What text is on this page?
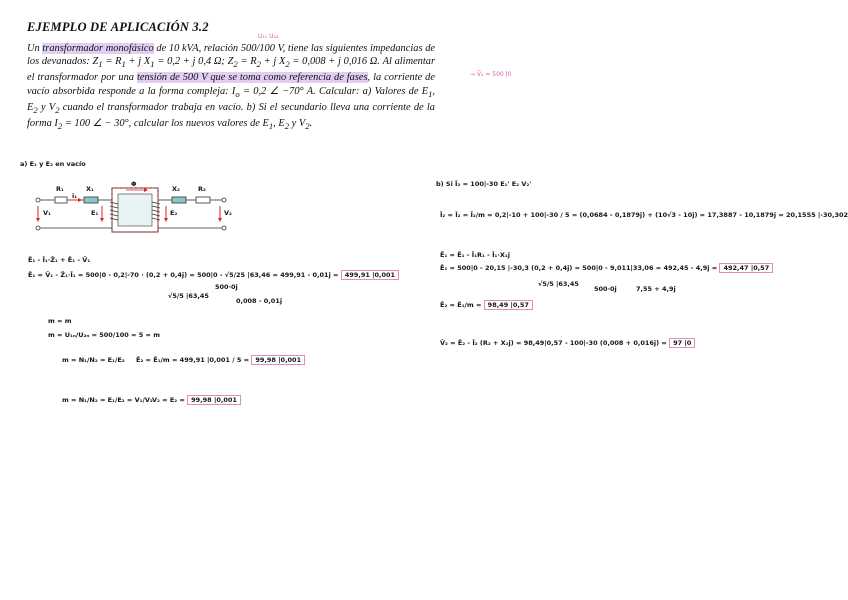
EJEMPLO DE APLICACIÓN 3.2
U₁₁ U₂₂
→ V̄₁ = 500 |0
Un transformador monofásico de 10 kVA, relación 500/100 V, tiene las siguientes impedancias de los devanados: $Z_1 = R_1 + j$ $X_1 = 0,2 + j$ 0,4 Ω; $Z_2 = R_2 + j$ $X_2 = 0,008 + j$ 0,016 Ω. Al alimentar el transformador por una tensión de 500 V que se toma como referencia de fases, la corriente de vacío absorbida responde a la forma compleja: $I_o = 0,2$ ∠ −70° A. Calcular: a) Valores de $E_1$, $E_2$ y $V_2$ cuando el transformador trabaja en vacío. b) Si el secundario lleva una corriente de la forma $I_2 = 100$ ∠ − 30°, calcular los nuevos valores de $E_1$, $E_2$ y $V_2$.
a) E₁ y E₂ en vacío
R₁	X₁
Φ
X₂	R₂
i₁
V₁	E₁	E₂	V₂
Ē₁ - Ī₁·Z̄₁ + Ē₁ - V̄₁
Ē₁ = V̄₁ - Z̄₁·Ī₁ = 500|0 - 0,2|-70 · (0,2 + 0,4j) = 500|0 - √5/25 |63,46 = 499,91 - 0,01j = 499,91 |0,001
500·0j
√5/5 |63,45
0,008 - 0,01j
m = m
m = U₁ₙ/U₂ₙ = 500/100 = 5 = m
m = N₁/N₂ = E₁/E₂ Ē₂ = Ē₁/m = 499,91 |0,001 / 5 = 99,98 |0,001
m = N₁/N₂ = E₁/E₂ = V₁/V₂ V₂ = E₂ = 99,98 |0,001
b) Si Ī₂ = 100|-30 E₁' E₂ V₂'
Ī₂ = Ī₂ = Ī₂/m = 0,2|-10 + 100|-30 / 5 = (0,0684 - 0,1879j) + (10√3 - 10j) = 17,3887 - 10,1879j = 20,1555 |-30,302
Ē₁ = Ē₁ - Ī₁R₁ - Ī₁·X₁j
Ē₁ = 500|0 - 20,15 |-30,3 (0,2 + 0,4j) = 500|0 - 9,011|33,06 = 492,45 - 4,9j = 492,47 |0,57
√5/5 |63,45
500·0j	7,55 + 4,9j
Ē₂ = Ē₁/m = 98,49 |0,57
V̄₂ = Ē₂ - Ī₂ (R₂ + X₂j) = 98,49|0,57 - 100|-30 (0,008 + 0,016j) = 97 |0
